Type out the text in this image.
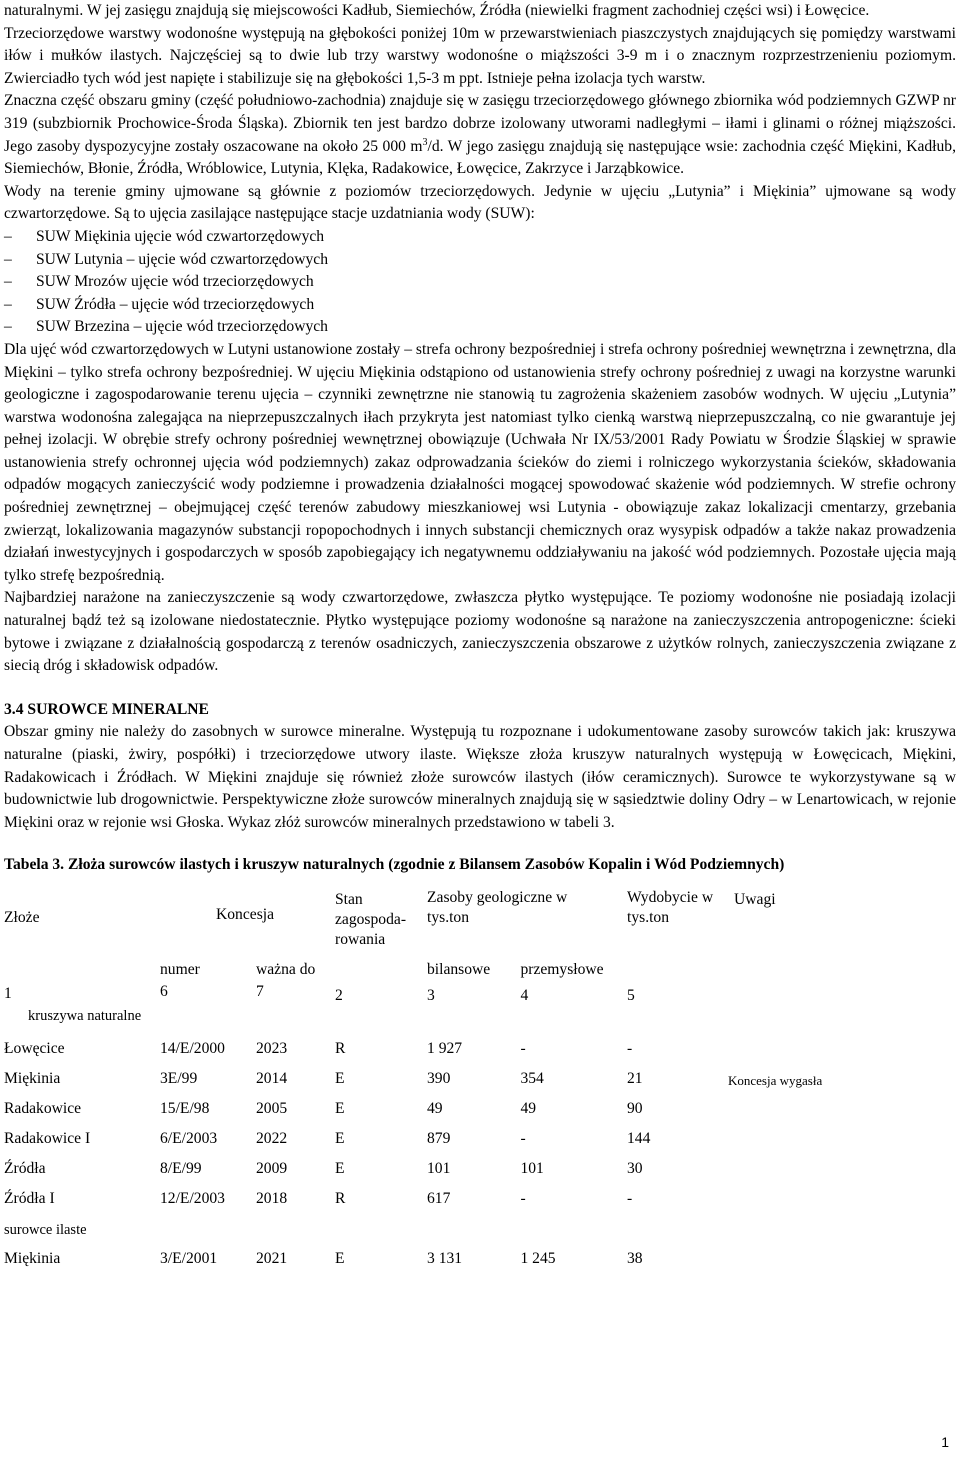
naturalnymi. W jej zasięgu znajdują się miejscowości Kadłub, Siemiechów, Źródła (niewielki fragment zachodniej części wsi) i Łowęcice.

Trzeciorzędowe warstwy wodonośne występują na głębokości poniżej 10m w przewarstwieniach piaszczystych znajdujących się pomiędzy warstwami iłów i mułków ilastych. Najczęściej są to dwie lub trzy warstwy wodonośne o miąższości 3-9 m i o znacznym rozprzestrzenieniu poziomym. Zwierciadło tych wód jest napięte i stabilizuje się na głębokości 1,5-3 m ppt. Istnieje pełna izolacja tych warstw.

Znaczna część obszaru gminy (część południowo-zachodnia) znajduje się w zasięgu trzeciorzędowego głównego zbiornika wód podziemnych GZWP nr 319 (subzbiornik Prochowice-Środa Śląska). Zbiornik ten jest bardzo dobrze izolowany utworami nadległymi – iłami i glinami o różnej miąższości. Jego zasoby dyspozycyjne zostały oszacowane na około 25 000 $m^3/d$. W jego zasięgu znajdują się następujące wsie: zachodnia część Miękini, Kadłub, Siemiechów, Błonie, Źródła, Wróblowice, Lutynia, Klęka, Radakowice, Łowęcice, Zakrzyce i Jarząbkowice.

Wody na terenie gminy ujmowane są głównie z poziomów trzeciorzędowych. Jedynie w ujęciu „Lutynia” i Miękinia” ujmowane są wody czwartorzędowe. Są to ujęcia zasilające następujące stacje uzdatniania wody (SUW):

–	SUW Miękinia ujęcie wód czwartorzędowych
–	SUW Lutynia – ujęcie wód czwartorzędowych
–	SUW Mrozów ujęcie wód trzeciorzędowych
–	SUW Źródła – ujęcie wód trzeciorzędowych
–	SUW Brzezina – ujęcie wód trzeciorzędowych

Dla ujęć wód czwartorzędowych w Lutyni ustanowione zostały – strefa ochrony bezpośredniej i strefa ochrony pośredniej wewnętrzna i zewnętrzna, dla Miękini – tylko strefa ochrony bezpośredniej. W ujęciu Miękinia odstąpiono od ustanowienia strefy ochrony pośredniej z uwagi na korzystne warunki geologiczne i zagospodarowanie terenu ujęcia – czynniki zewnętrzne nie stanowią tu zagrożenia skażeniem zasobów wodnych. W ujęciu „Lutynia” warstwa wodonośna zalegająca na nieprzepuszczalnych iłach przykryta jest natomiast tylko cienką warstwą nieprzepuszczalną, co nie gwarantuje jej pełnej izolacji. W obrębie strefy ochrony pośredniej wewnętrznej obowiązuje (Uchwała Nr IX/53/2001 Rady Powiatu w Środzie Śląskiej w sprawie ustanowienia strefy ochronnej ujęcia wód podziemnych) zakaz odprowadzania ścieków do ziemi i rolniczego wykorzystania ścieków, składowania odpadów mogących zanieczyścić wody podziemne i prowadzenia działalności mogącej spowodować skażenie wód podziemnych. W strefie ochrony pośredniej zewnętrznej – obejmującej część terenów zabudowy mieszkaniowej wsi Lutynia - obowiązuje zakaz lokalizacji cmentarzy, grzebania zwierząt, lokalizowania magazynów substancji ropopochodnych i innych substancji chemicznych oraz wysypisk odpadów a także nakaz prowadzenia działań inwestycyjnych i gospodarczych w sposób zapobiegający ich negatywnemu oddziaływaniu na jakość wód podziemnych. Pozostałe ujęcia mają tylko strefę bezpośrednią.

Najbardziej narażone na zanieczyszczenie są wody czwartorzędowe, zwłaszcza płytko występujące. Te poziomy wodonośne nie posiadają izolacji naturalnej bądź też są izolowane niedostatecznie. Płytko występujące poziomy wodonośne są narażone na zanieczyszczenia antropogeniczne: ścieki bytowe i związane z działalnością gospodarczą z terenów osadniczych, zanieczyszczenia obszarowe z użytków rolnych, zanieczyszczenia związane z siecią dróg i składowisk odpadów.

3.4 SUROWCE MINERALNE

Obszar gminy nie należy do zasobnych w surowce mineralne. Występują tu rozpoznane i udokumentowane zasoby surowców takich jak: kruszywa naturalne (piaski, żwiry, pospółki) i trzeciorzędowe utwory ilaste. Większe złoża kruszyw naturalnych występują w Łowęcicach, Miękini, Radakowicach i Źródłach. W Miękini znajduje się również złoże surowców ilastych (iłów ceramicznych). Surowce te wykorzystywane są w budownictwie lub drogownictwie. Perspektywiczne złoże surowców mineralnych znajdują się w sąsiedztwie doliny Odry – w Lenartowicach, w rejonie Miękini oraz w rejonie wsi Głoska. Wykaz złóż surowców mineralnych przedstawiono w tabeli 3.

Tabela 3. Złoża surowców ilastych i kruszyw naturalnych (zgodnie z Bilansem Zasobów Kopalin i Wód Podziemnych)
Złoże	Koncesja		Stan zagospoda-rowania	Zasoby geologiczne w tys.ton		Wydobycie w tys.ton	Uwagi
	numer	ważna do		bilansowe	przemysłowe		
1	6	7	2	3	4	5	
kruszywa naturalne							
Łowęcice	14/E/2000	2023	R	1 927	-	-	
Miękinia	3E/99	2014	E	390	354	21	Koncesja wygasła
Radakowice	15/E/98	2005	E	49	49	90	
Radakowice I	6/E/2003	2022	E	879	-	144	
Źródła	8/E/99	2009	E	101	101	30	
Źródła I	12/E/2003	2018	R	617	-	-	
surowce ilaste							
Miękinia	3/E/2001	2021	E	3 131	1 245	38	
1
